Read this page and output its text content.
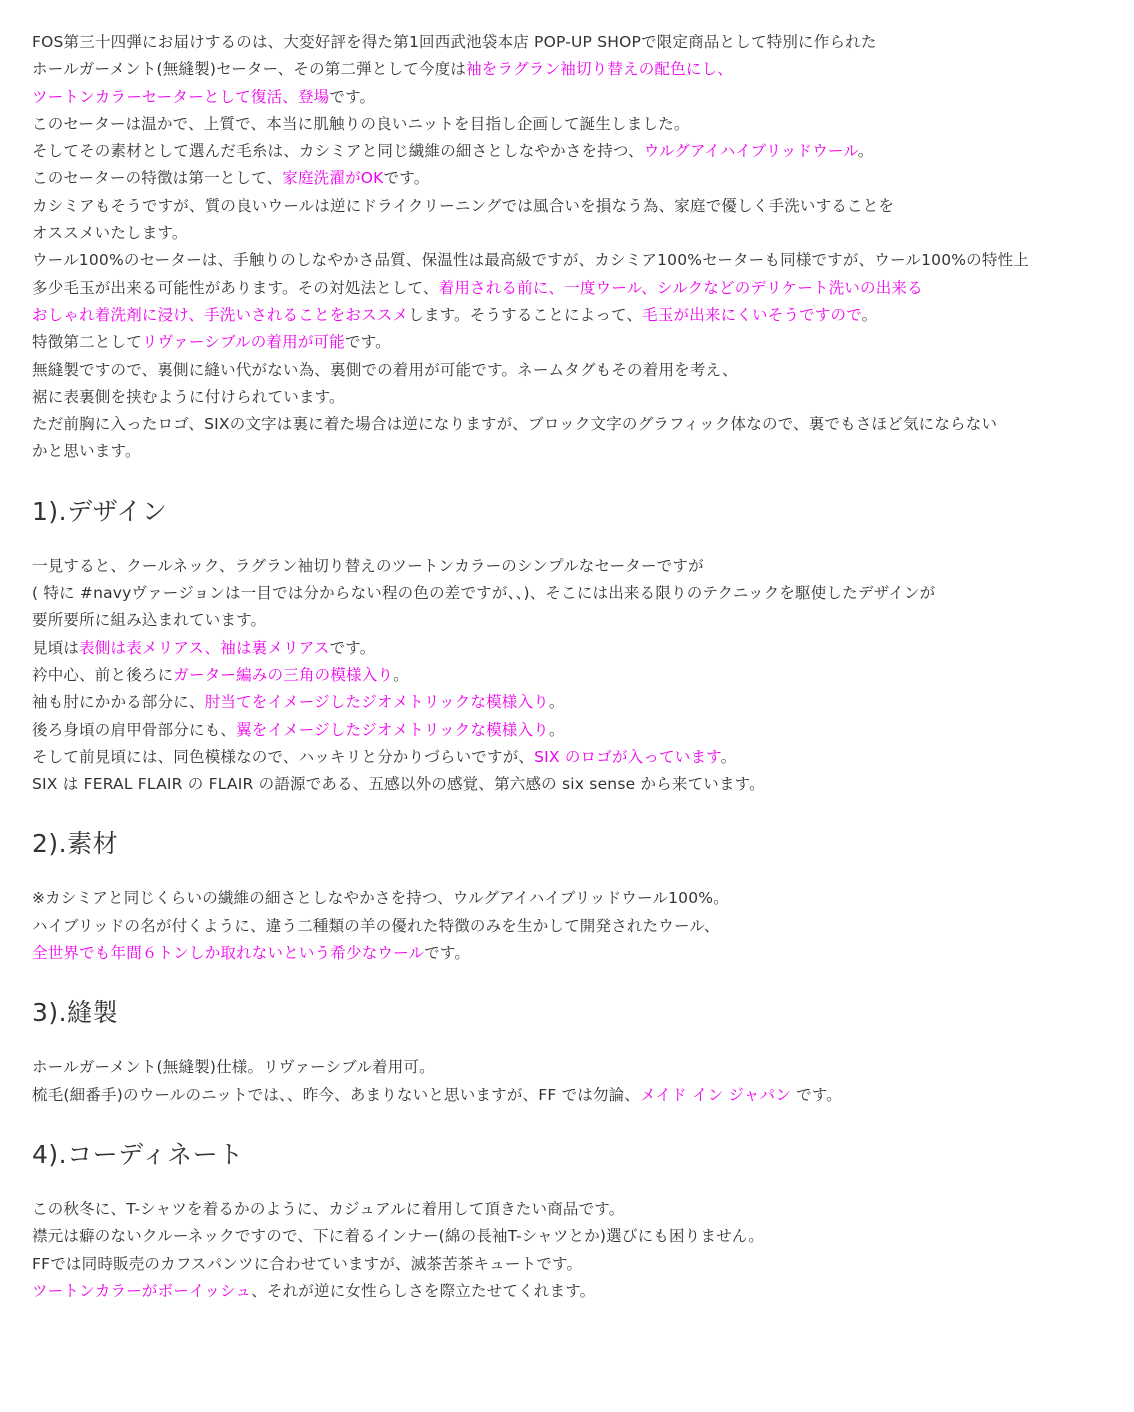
FOS第三十四弾にお届けするのは、大変好評を得た第1回西武池袋本店 POP-UP SHOPで限定商品として特別に作られた
ホールガーメント(無縫製)セーター、その第二弾として今度は袖をラグラン袖切り替えの配色にし、
ツートンカラーセーターとして復活、登場です。
このセーターは温かで、上質で、本当に肌触りの良いニットを目指し企画して誕生しました。
そしてその素材として選んだ毛糸は、カシミアと同じ繊維の細さとしなやかさを持つ、ウルグアイハイブリッドウール。
このセーターの特徴は第一として、家庭洗濯がOKです。
カシミアもそうですが、質の良いウールは逆にドライクリーニングでは風合いを損なう為、家庭で優しく手洗いすることを
オススメいたします。
ウール100%のセーターは、手触りのしなやかさ品質、保温性は最高級ですが、カシミア100%セーターも同様ですが、ウール100%の特性上
多少毛玉が出来る可能性があります。その対処法として、着用される前に、一度ウール、シルクなどのデリケート洗いの出来る
おしゃれ着洗剤に浸け、手洗いされることをおススメします。そうすることによって、毛玉が出来にくいそうですので。
特徴第二としてリヴァーシブルの着用が可能です。
無縫製ですので、裏側に縫い代がない為、裏側での着用が可能です。ネームタグもその着用を考え、
裾に表裏側を挟むように付けられています。
ただ前胸に入ったロゴ、SIXの文字は裏に着た場合は逆になりますが、ブロック文字のグラフィック体なので、裏でもさほど気にならない
かと思います。
1).デザイン
一見すると、クールネック、ラグラン袖切り替えのツートンカラーのシンプルなセーターですが
( 特に #navyヴァージョンは一目では分からない程の色の差ですが、、)、そこには出来る限りのテクニックを駆使したデザインが
要所要所に組み込まれています。
見頃は表側は表メリアス、袖は裏メリアスです。
衿中心、前と後ろにガーター編みの三角の模様入り。
袖も肘にかかる部分に、肘当てをイメージしたジオメトリックな模様入り。
後ろ身頃の肩甲骨部分にも、翼をイメージしたジオメトリックな模様入り。
そして前見頃には、同色模様なので、ハッキリと分かりづらいですが、SIX のロゴが入っています。
SIX は FERAL FLAIR の FLAIR の語源である、五感以外の感覚、第六感の six sense から来ています。
2).素材
※カシミアと同じくらいの繊維の細さとしなやかさを持つ、ウルグアイハイブリッドウール100%。
ハイブリッドの名が付くように、違う二種類の羊の優れた特徴のみを生かして開発されたウール、
全世界でも年間６トンしか取れないという希少なウールです。
3).縫製
ホールガーメント(無縫製)仕様。リヴァーシブル着用可。
梳毛(細番手)のウールのニットでは、、昨今、あまりないと思いますが、FF では勿論、メイド イン ジャパン です。
4).コーディネート
この秋冬に、T-シャツを着るかのように、カジュアルに着用して頂きたい商品です。
襟元は癖のないクルーネックですので、下に着るインナー(綿の長袖T-シャツとか)選びにも困りません。
FFでは同時販売のカフスパンツに合わせていますが、滅茶苦茶キュートです。
ツートンカラーがボーイッシュ、それが逆に女性らしさを際立たせてくれます。
